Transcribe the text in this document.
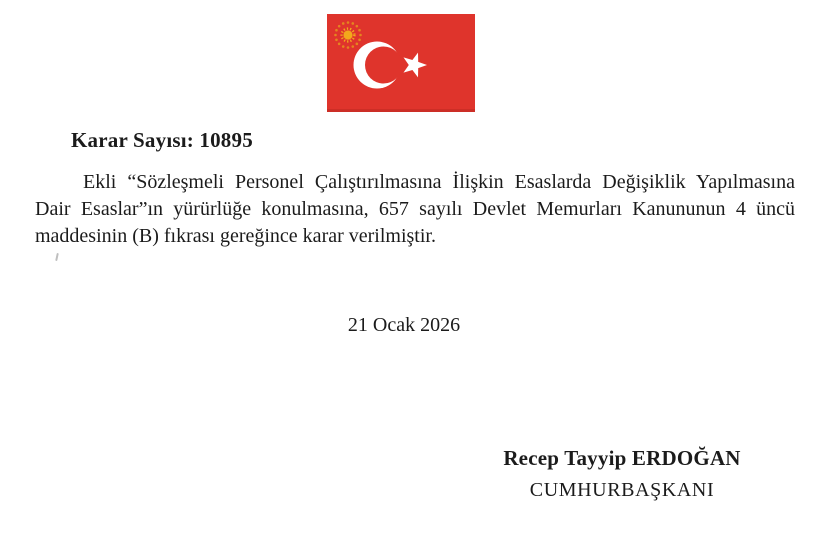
Karar Sayısı: 10895
Ekli “Sözleşmeli Personel Çalıştırılmasına İlişkin Esaslarda Değişiklik Yapılmasına
Dair Esaslar”ın yürürlüğe konulmasına, 657 sayılı Devlet Memurları Kanununun 4 üncü
maddesinin (B) fıkrası gereğince karar verilmiştir.
21 Ocak 2026
Recep Tayyip ERDOĞAN
CUMHURBAŞKANI
